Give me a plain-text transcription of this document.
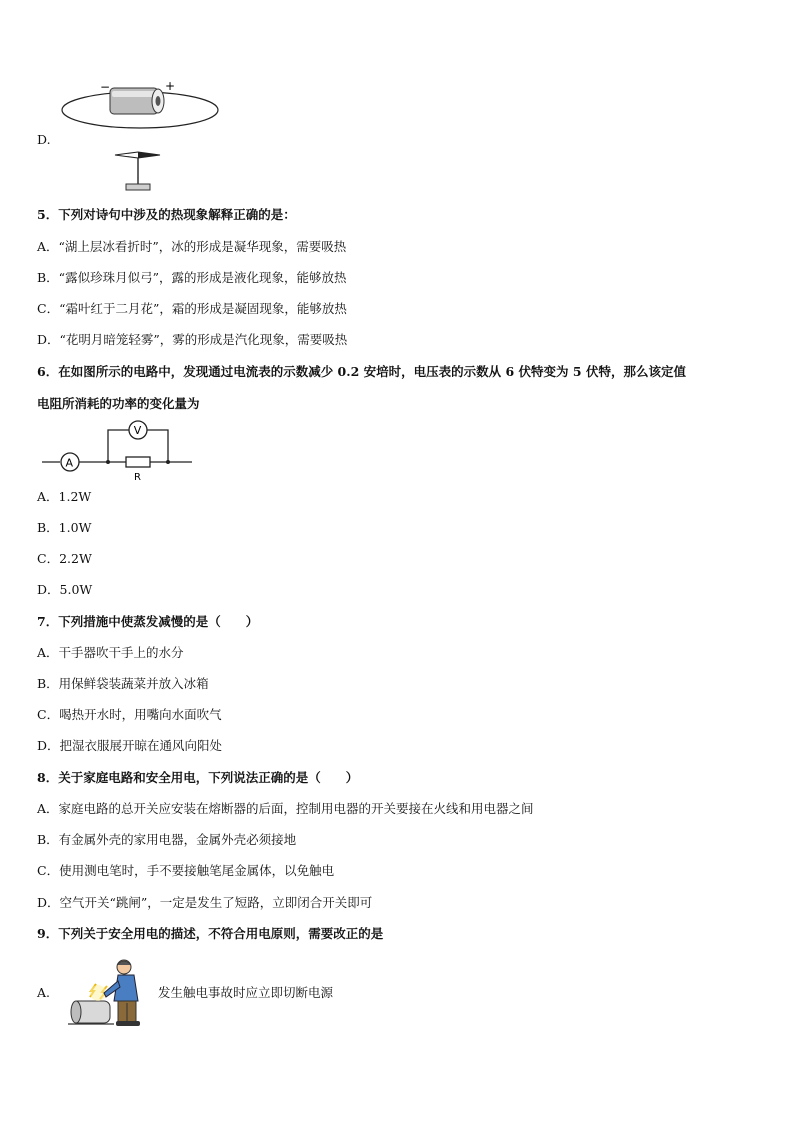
−	+
D.
5．下列对诗句中涉及的热现象解释正确的是：
A．“湖上层冰看折时”，冰的形成是凝华现象，需要吸热
B．“露似珍珠月似弓”，露的形成是液化现象，能够放热
C．“霜叶红于二月花”，霜的形成是凝固现象，能够放热
D．“花明月暗笼轻雾”，雾的形成是汽化现象，需要吸热
6．在如图所示的电路中，发现通过电流表的示数减少 0.2 安培时，电压表的示数从 6 伏特变为 5 伏特，那么该定值
电阻所消耗的功率的变化量为
A
R
V
A．1.2W
B．1.0W
C．2.2W
D．5.0W
7．下列措施中使蒸发减慢的是（　　）
A．干手器吹干手上的水分
B．用保鲜袋装蔬菜并放入冰箱
C．喝热开水时，用嘴向水面吹气
D．把湿衣服展开晾在通风向阳处
8．关于家庭电路和安全用电，下列说法正确的是（　　）
A．家庭电路的总开关应安装在熔断器的后面，控制用电器的开关要接在火线和用电器之间
B．有金属外壳的家用电器，金属外壳必须接地
C．使用测电笔时，手不要接触笔尾金属体，以免触电
D．空气开关“跳闸”，一定是发生了短路，立即闭合开关即可
9．下列关于安全用电的描述，不符合用电原则，需要改正的是
A.	发生触电事故时应立即切断电源
